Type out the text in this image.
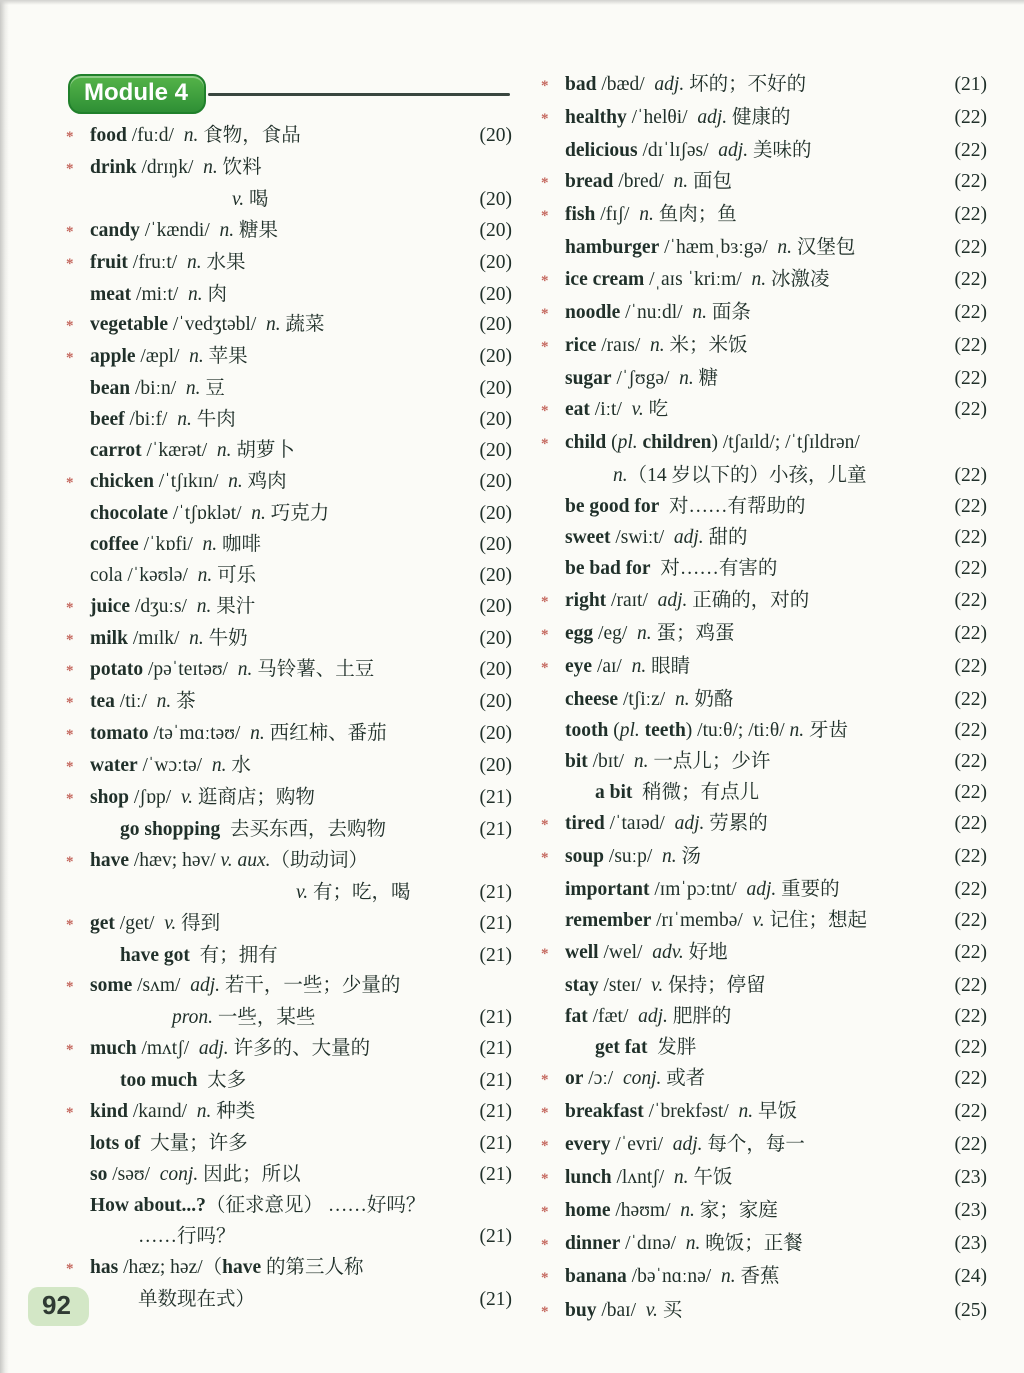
Module 4
* food /fuːd/ n. 食物，食品	(20)
* drink /drɪŋk/ n. 饮料
v. 喝	(20)
* candy /ˈkændi/ n. 糖果	(20)
* fruit /fruːt/ n. 水果	(20)
meat /miːt/ n. 肉	(20)
* vegetable /ˈvedʒtəbl/ n. 蔬菜	(20)
* apple /æpl/ n. 苹果	(20)
bean /biːn/ n. 豆	(20)
beef /biːf/ n. 牛肉	(20)
carrot /ˈkærət/ n. 胡萝卜	(20)
* chicken /ˈtʃɪkɪn/ n. 鸡肉	(20)
chocolate /ˈtʃɒklət/ n. 巧克力	(20)
coffee /ˈkɒfi/ n. 咖啡	(20)
cola /ˈkəʊlə/ n. 可乐	(20)
* juice /dʒuːs/ n. 果汁	(20)
* milk /mɪlk/ n. 牛奶	(20)
* potato /pəˈteɪtəʊ/ n. 马铃薯、土豆	(20)
* tea /tiː/ n. 茶	(20)
* tomato /təˈmɑːtəʊ/ n. 西红柿、番茄	(20)
* water /ˈwɔːtə/ n. 水	(20)
* shop /ʃɒp/ v. 逛商店；购物	(21)
go shopping 去买东西，去购物	(21)
* have /hæv; həv/ v. aux.（助动词）
v. 有；吃，喝	(21)
* get /get/ v. 得到	(21)
have got 有；拥有	(21)
* some /sʌm/ adj. 若干，一些；少量的
pron. 一些，某些	(21)
* much /mʌtʃ/ adj. 许多的、大量的	(21)
too much 太多	(21)
* kind /kaɪnd/ n. 种类	(21)
lots of 大量；许多	(21)
so /səʊ/ conj. 因此；所以	(21)
How about...?（征求意见） ……好吗？
……行吗？	(21)
* has /hæz; həz/（have 的第三人称
单数现在式）	(21)
* bad /bæd/ adj. 坏的；不好的	(21)
* healthy /ˈhelθi/ adj. 健康的	(22)
delicious /dɪˈlɪʃəs/ adj. 美味的	(22)
* bread /bred/ n. 面包	(22)
* fish /fɪʃ/ n. 鱼肉；鱼	(22)
hamburger /ˈhæmˌbɜːgə/ n. 汉堡包	(22)
* ice cream /ˌaɪs ˈkriːm/ n. 冰激凌	(22)
* noodle /ˈnuːdl/ n. 面条	(22)
* rice /raɪs/ n. 米；米饭	(22)
sugar /ˈʃʊgə/ n. 糖	(22)
* eat /iːt/ v. 吃	(22)
* child (pl. children) /tʃaɪld/; /ˈtʃɪldrən/
n.（14 岁以下的）小孩，儿童	(22)
be good for 对……有帮助的	(22)
sweet /swiːt/ adj. 甜的	(22)
be bad for 对……有害的	(22)
* right /raɪt/ adj. 正确的，对的	(22)
* egg /eg/ n. 蛋；鸡蛋	(22)
* eye /aɪ/ n. 眼睛	(22)
cheese /tʃiːz/ n. 奶酪	(22)
tooth (pl. teeth) /tuːθ/; /tiːθ/ n. 牙齿	(22)
bit /bɪt/ n. 一点儿；少许	(22)
a bit 稍微；有点儿	(22)
* tired /ˈtaɪəd/ adj. 劳累的	(22)
* soup /suːp/ n. 汤	(22)
important /ɪmˈpɔːtnt/ adj. 重要的	(22)
remember /rɪˈmembə/ v. 记住；想起	(22)
* well /wel/ adv. 好地	(22)
stay /steɪ/ v. 保持；停留	(22)
fat /fæt/ adj. 肥胖的	(22)
get fat 发胖	(22)
* or /ɔː/ conj. 或者	(22)
* breakfast /ˈbrekfəst/ n. 早饭	(22)
* every /ˈevri/ adj. 每个，每一	(22)
* lunch /lʌntʃ/ n. 午饭	(23)
* home /həʊm/ n. 家；家庭	(23)
* dinner /ˈdɪnə/ n. 晚饭；正餐	(23)
* banana /bəˈnɑːnə/ n. 香蕉	(24)
* buy /baɪ/ v. 买	(25)
92
